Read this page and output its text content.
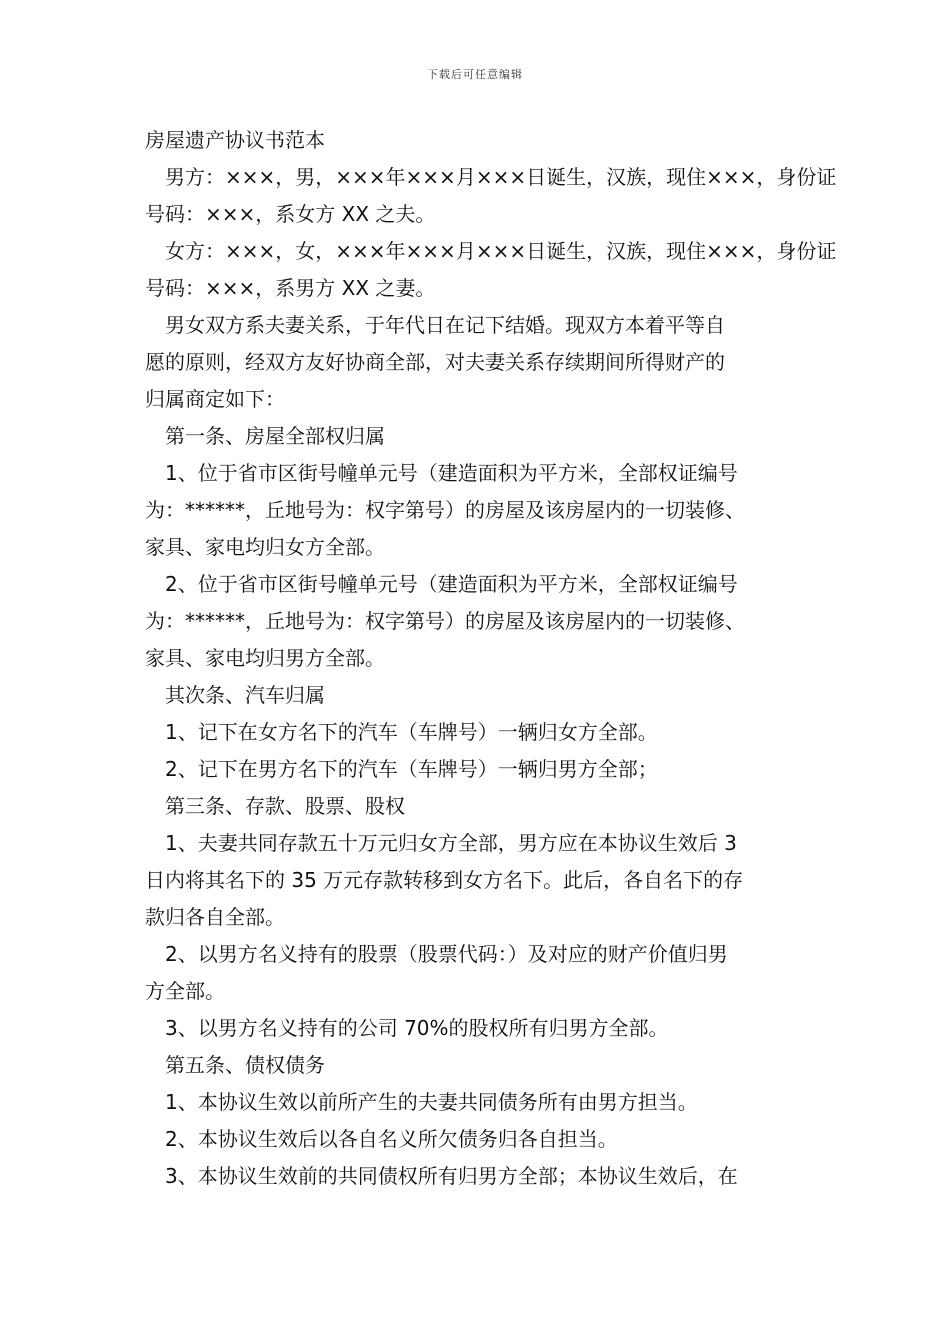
下载后可任意编辑
房屋遗产协议书范本
男方：×××，男，×××年×××月×××日诞生，汉族，现住×××，身份证
号码：×××，系女方 XX 之夫。
女方：×××，女，×××年×××月×××日诞生，汉族，现住×××，身份证
号码：×××，系男方 XX 之妻。
男女双方系夫妻关系，于年代日在记下结婚。现双方本着平等自
愿的原则，经双方友好协商全部，对夫妻关系存续期间所得财产的
归属商定如下：
第一条、房屋全部权归属
1、位于省市区街号幢单元号（建造面积为平方米，全部权证编号
为：******，丘地号为：权字第号）的房屋及该房屋内的一切装修、
家具、家电均归女方全部。
2、位于省市区街号幢单元号（建造面积为平方米，全部权证编号
为：******，丘地号为：权字第号）的房屋及该房屋内的一切装修、
家具、家电均归男方全部。
其次条、汽车归属
1、记下在女方名下的汽车（车牌号）一辆归女方全部。
2、记下在男方名下的汽车（车牌号）一辆归男方全部；
第三条、存款、股票、股权
1、夫妻共同存款五十万元归女方全部，男方应在本协议生效后 3
日内将其名下的 35 万元存款转移到女方名下。此后，各自名下的存
款归各自全部。
2、以男方名义持有的股票（股票代码：）及对应的财产价值归男
方全部。
3、以男方名义持有的公司 70%的股权所有归男方全部。
第五条、债权债务
1、本协议生效以前所产生的夫妻共同债务所有由男方担当。
2、本协议生效后以各自名义所欠债务归各自担当。
3、本协议生效前的共同债权所有归男方全部；本协议生效后，在
